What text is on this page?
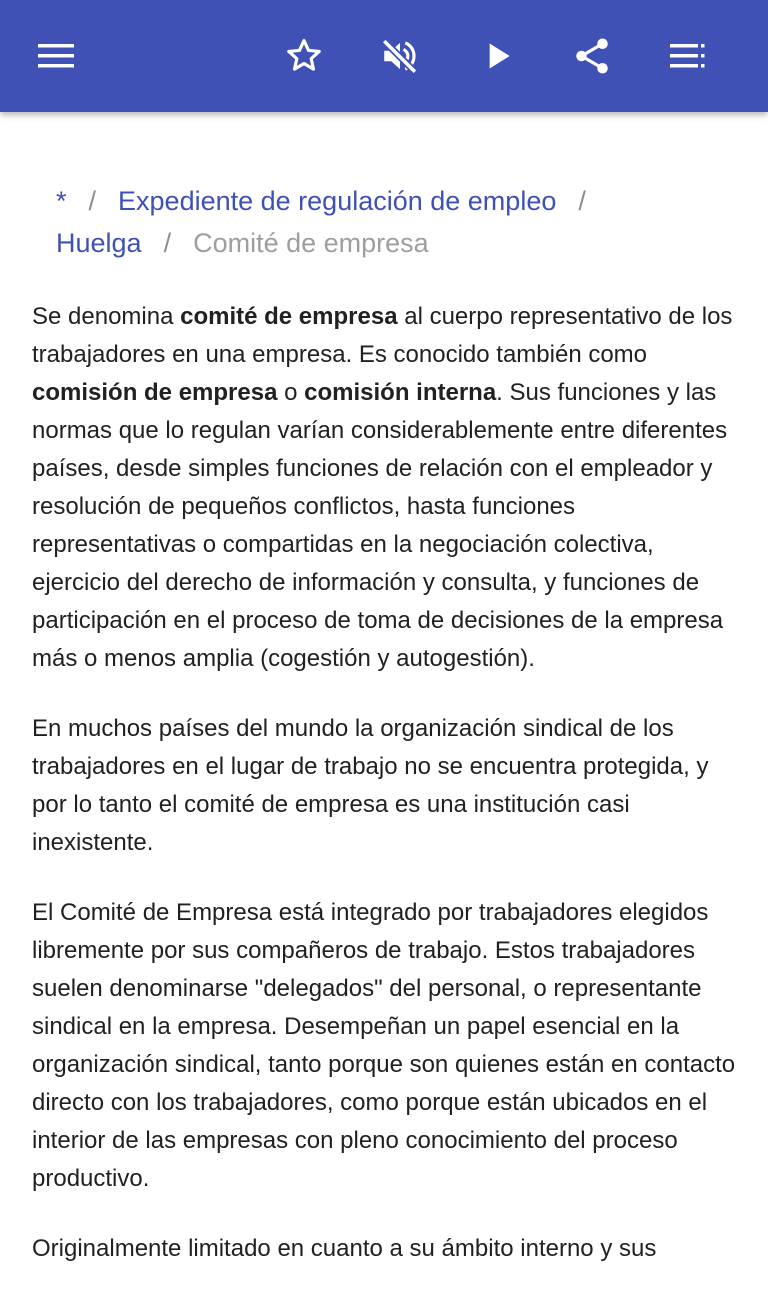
* / Expediente de regulación de empleo /
Huelga / Comité de empresa

Se denomina comité de empresa al cuerpo representativo de los trabajadores en una empresa. Es conocido también como comisión de empresa o comisión interna. Sus funciones y las normas que lo regulan varían considerablemente entre diferentes países, desde simples funciones de relación con el empleador y resolución de pequeños conflictos, hasta funciones representativas o compartidas en la negociación colectiva, ejercicio del derecho de información y consulta, y funciones de participación en el proceso de toma de decisiones de la empresa más o menos amplia (cogestión y autogestión).

En muchos países del mundo la organización sindical de los trabajadores en el lugar de trabajo no se encuentra protegida, y por lo tanto el comité de empresa es una institución casi inexistente.

El Comité de Empresa está integrado por trabajadores elegidos libremente por sus compañeros de trabajo. Estos trabajadores suelen denominarse "delegados" del personal, o representante sindical en la empresa. Desempeñan un papel esencial en la organización sindical, tanto porque son quienes están en contacto directo con los trabajadores, como porque están ubicados en el interior de las empresas con pleno conocimiento del proceso productivo.

Originalmente limitado en cuanto a su ámbito interno y sus
